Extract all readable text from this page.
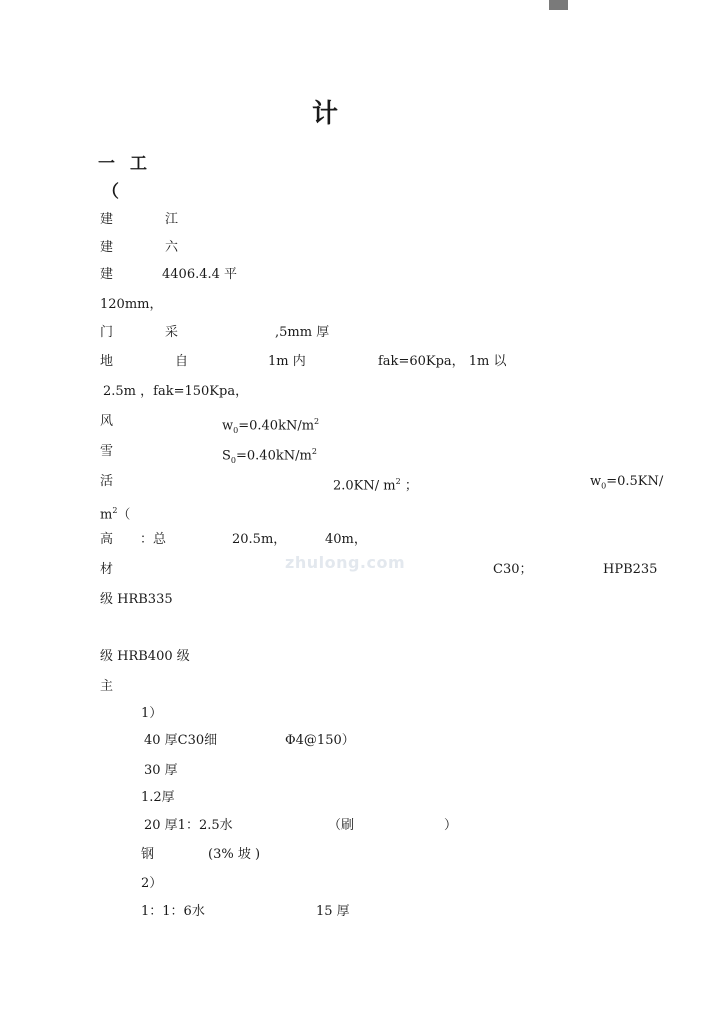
计
一 工
（
建	江
建	六
建	4406.4.4 平
120mm，
门	采	,5mm 厚
地	自	1m 内	fak=60Kpa， 1m 以
2.5m ，fak=150Kpa，
风	$w_0=0.40kN/m^2$
雪	$S_0=0.40kN/m^2$
活	2.0KN/ $m^2$ ；	$w_0=0.5KN/$
$m^2$（
高 ：总	20.5m，	40m，
zhulong.com
材	C30；	HPB235
级 HRB335
级 HRB400 级
主
1）
40 厚C30细	Φ4@150）
30 厚
1.2厚
20 厚1：2.5水	（刷	）
钢	(3% 坡 )
2）
1：1：6水	15 厚
